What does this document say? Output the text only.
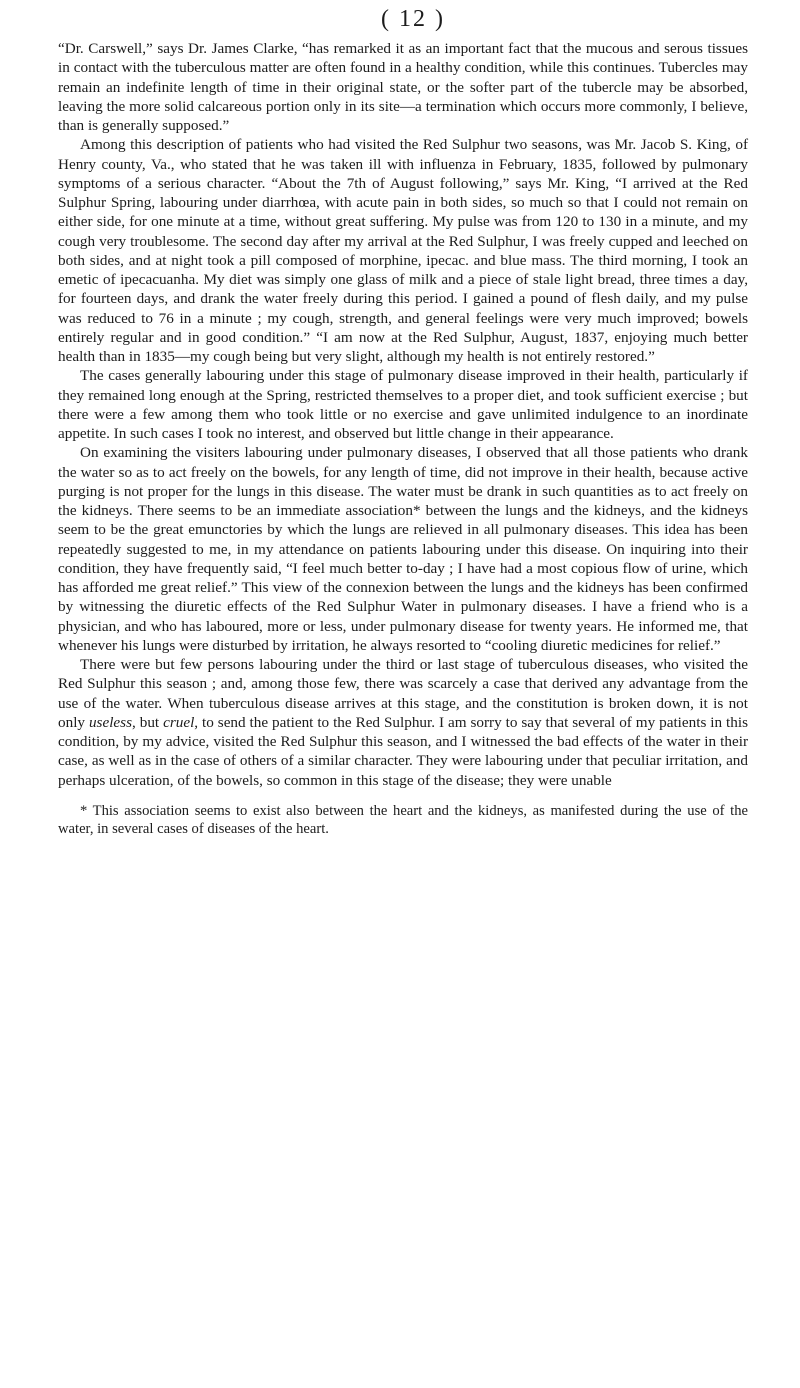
( 12 )

“Dr. Carswell,” says Dr. James Clarke, “has remarked it as an important fact that the mucous and serous tissues in contact with the tuberculous matter are often found in a healthy condition, while this continues. Tubercles may remain an indefinite length of time in their original state, or the softer part of the tubercle may be absorbed, leaving the more solid calcareous portion only in its site—a termination which occurs more commonly, I believe, than is generally supposed.”

Among this description of patients who had visited the Red Sulphur two seasons, was Mr. Jacob S. King, of Henry county, Va., who stated that he was taken ill with influenza in February, 1835, followed by pulmonary symptoms of a serious character. “About the 7th of August following,” says Mr. King, “I arrived at the Red Sulphur Spring, labouring under diarrhœa, with acute pain in both sides, so much so that I could not remain on either side, for one minute at a time, without great suffering. My pulse was from 120 to 130 in a minute, and my cough very troublesome. The second day after my arrival at the Red Sulphur, I was freely cupped and leeched on both sides, and at night took a pill composed of morphine, ipecac. and blue mass. The third morning, I took an emetic of ipecacuanha. My diet was simply one glass of milk and a piece of stale light bread, three times a day, for fourteen days, and drank the water freely during this period. I gained a pound of flesh daily, and my pulse was reduced to 76 in a minute ; my cough, strength, and general feelings were very much improved; bowels entirely regular and in good condition.” “I am now at the Red Sulphur, August, 1837, enjoying much better health than in 1835—my cough being but very slight, although my health is not entirely restored.”

The cases generally labouring under this stage of pulmonary disease improved in their health, particularly if they remained long enough at the Spring, restricted themselves to a proper diet, and took sufficient exercise ; but there were a few among them who took little or no exercise and gave unlimited indulgence to an inordinate appetite. In such cases I took no interest, and observed but little change in their appearance.

On examining the visiters labouring under pulmonary diseases, I observed that all those patients who drank the water so as to act freely on the bowels, for any length of time, did not improve in their health, because active purging is not proper for the lungs in this disease. The water must be drank in such quantities as to act freely on the kidneys. There seems to be an immediate association* between the lungs and the kidneys, and the kidneys seem to be the great emunctories by which the lungs are relieved in all pulmonary diseases. This idea has been repeatedly suggested to me, in my attendance on patients labouring under this disease. On inquiring into their condition, they have frequently said, “I feel much better to-day ; I have had a most copious flow of urine, which has afforded me great relief.” This view of the connexion between the lungs and the kidneys has been confirmed by witnessing the diuretic effects of the Red Sulphur Water in pulmonary diseases. I have a friend who is a physician, and who has laboured, more or less, under pulmonary disease for twenty years. He informed me, that whenever his lungs were disturbed by irritation, he always resorted to “cooling diuretic medicines for relief.”

There were but few persons labouring under the third or last stage of tuberculous diseases, who visited the Red Sulphur this season ; and, among those few, there was scarcely a case that derived any advantage from the use of the water. When tuberculous disease arrives at this stage, and the constitution is broken down, it is not only useless, but cruel, to send the patient to the Red Sulphur. I am sorry to say that several of my patients in this condition, by my advice, visited the Red Sulphur this season, and I witnessed the bad effects of the water in their case, as well as in the case of others of a similar character. They were labouring under that peculiar irritation, and perhaps ulceration, of the bowels, so common in this stage of the disease; they were unable

* This association seems to exist also between the heart and the kidneys, as manifested during the use of the water, in several cases of diseases of the heart.
